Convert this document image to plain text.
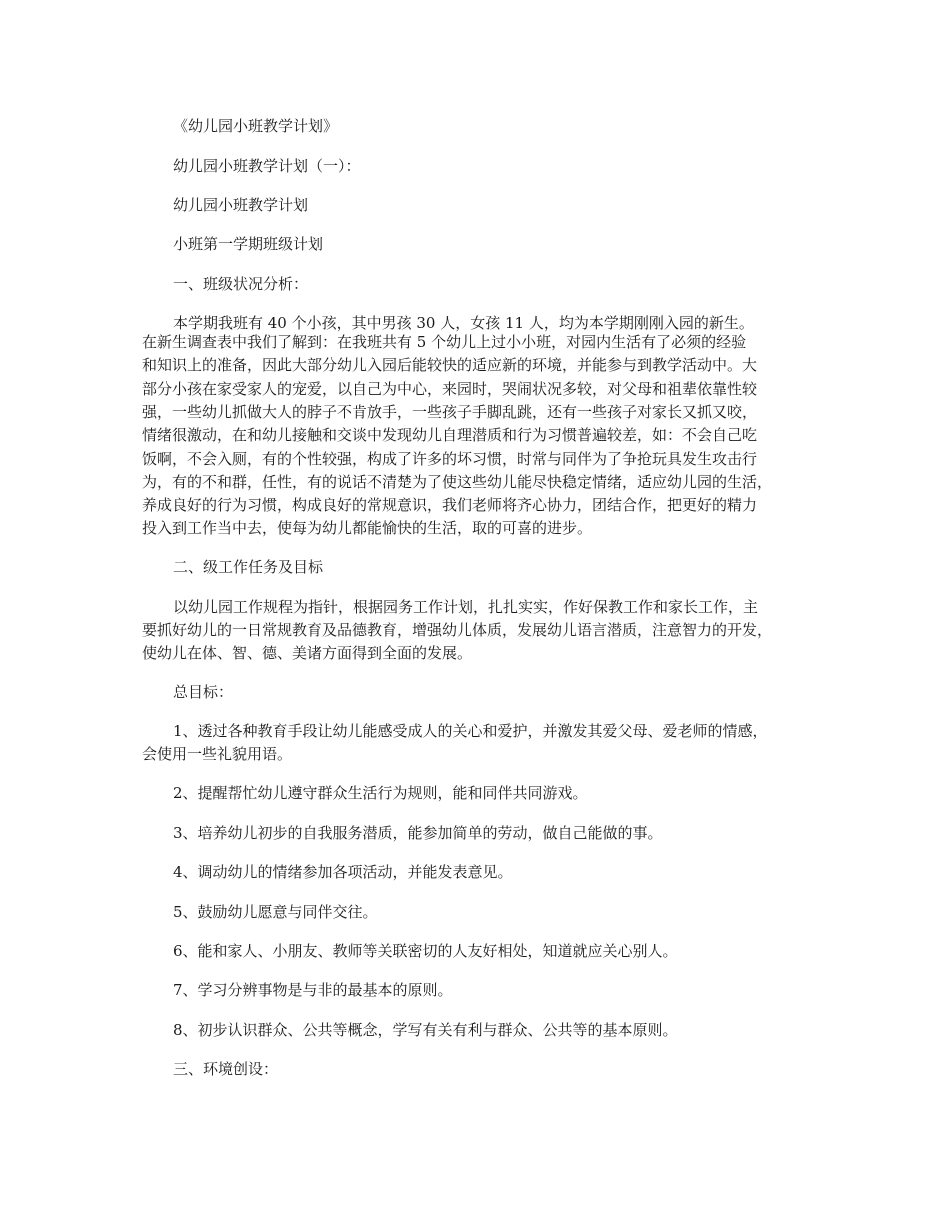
《幼儿园小班教学计划》
幼儿园小班教学计划（一）：
幼儿园小班教学计划
小班第一学期班级计划
一、班级状况分析：
本学期我班有 40 个小孩，其中男孩 30 人，女孩 11 人，均为本学期刚刚入园的新生。
在新生调查表中我们了解到：在我班共有 5 个幼儿上过小小班，对园内生活有了必须的经验
和知识上的准备，因此大部分幼儿入园后能较快的适应新的环境，并能参与到教学活动中。大
部分小孩在家受家人的宠爱，以自己为中心，来园时，哭闹状况多较，对父母和祖辈依靠性较
强，一些幼儿抓做大人的脖子不肯放手，一些孩子手脚乱跳，还有一些孩子对家长又抓又咬，
情绪很激动，在和幼儿接触和交谈中发现幼儿自理潜质和行为习惯普遍较差，如：不会自己吃
饭啊，不会入厕，有的个性较强，构成了许多的坏习惯，时常与同伴为了争抢玩具发生攻击行
为，有的不和群，任性，有的说话不清楚为了使这些幼儿能尽快稳定情绪，适应幼儿园的生活，
养成良好的行为习惯，构成良好的常规意识，我们老师将齐心协力，团结合作，把更好的精力
投入到工作当中去，使每为幼儿都能愉快的生活，取的可喜的进步。
二、级工作任务及目标
以幼儿园工作规程为指针，根据园务工作计划，扎扎实实，作好保教工作和家长工作，主
要抓好幼儿的一日常规教育及品德教育，增强幼儿体质，发展幼儿语言潜质，注意智力的开发，
使幼儿在体、智、德、美诸方面得到全面的发展。
总目标：
1、透过各种教育手段让幼儿能感受成人的关心和爱护，并激发其爱父母、爱老师的情感，
会使用一些礼貌用语。
2、提醒帮忙幼儿遵守群众生活行为规则，能和同伴共同游戏。
3、培养幼儿初步的自我服务潜质，能参加简单的劳动，做自己能做的事。
4、调动幼儿的情绪参加各项活动，并能发表意见。
5、鼓励幼儿愿意与同伴交往。
6、能和家人、小朋友、教师等关联密切的人友好相处，知道就应关心别人。
7、学习分辨事物是与非的最基本的原则。
8、初步认识群众、公共等概念，学写有关有利与群众、公共等的基本原则。
三、环境创设：
